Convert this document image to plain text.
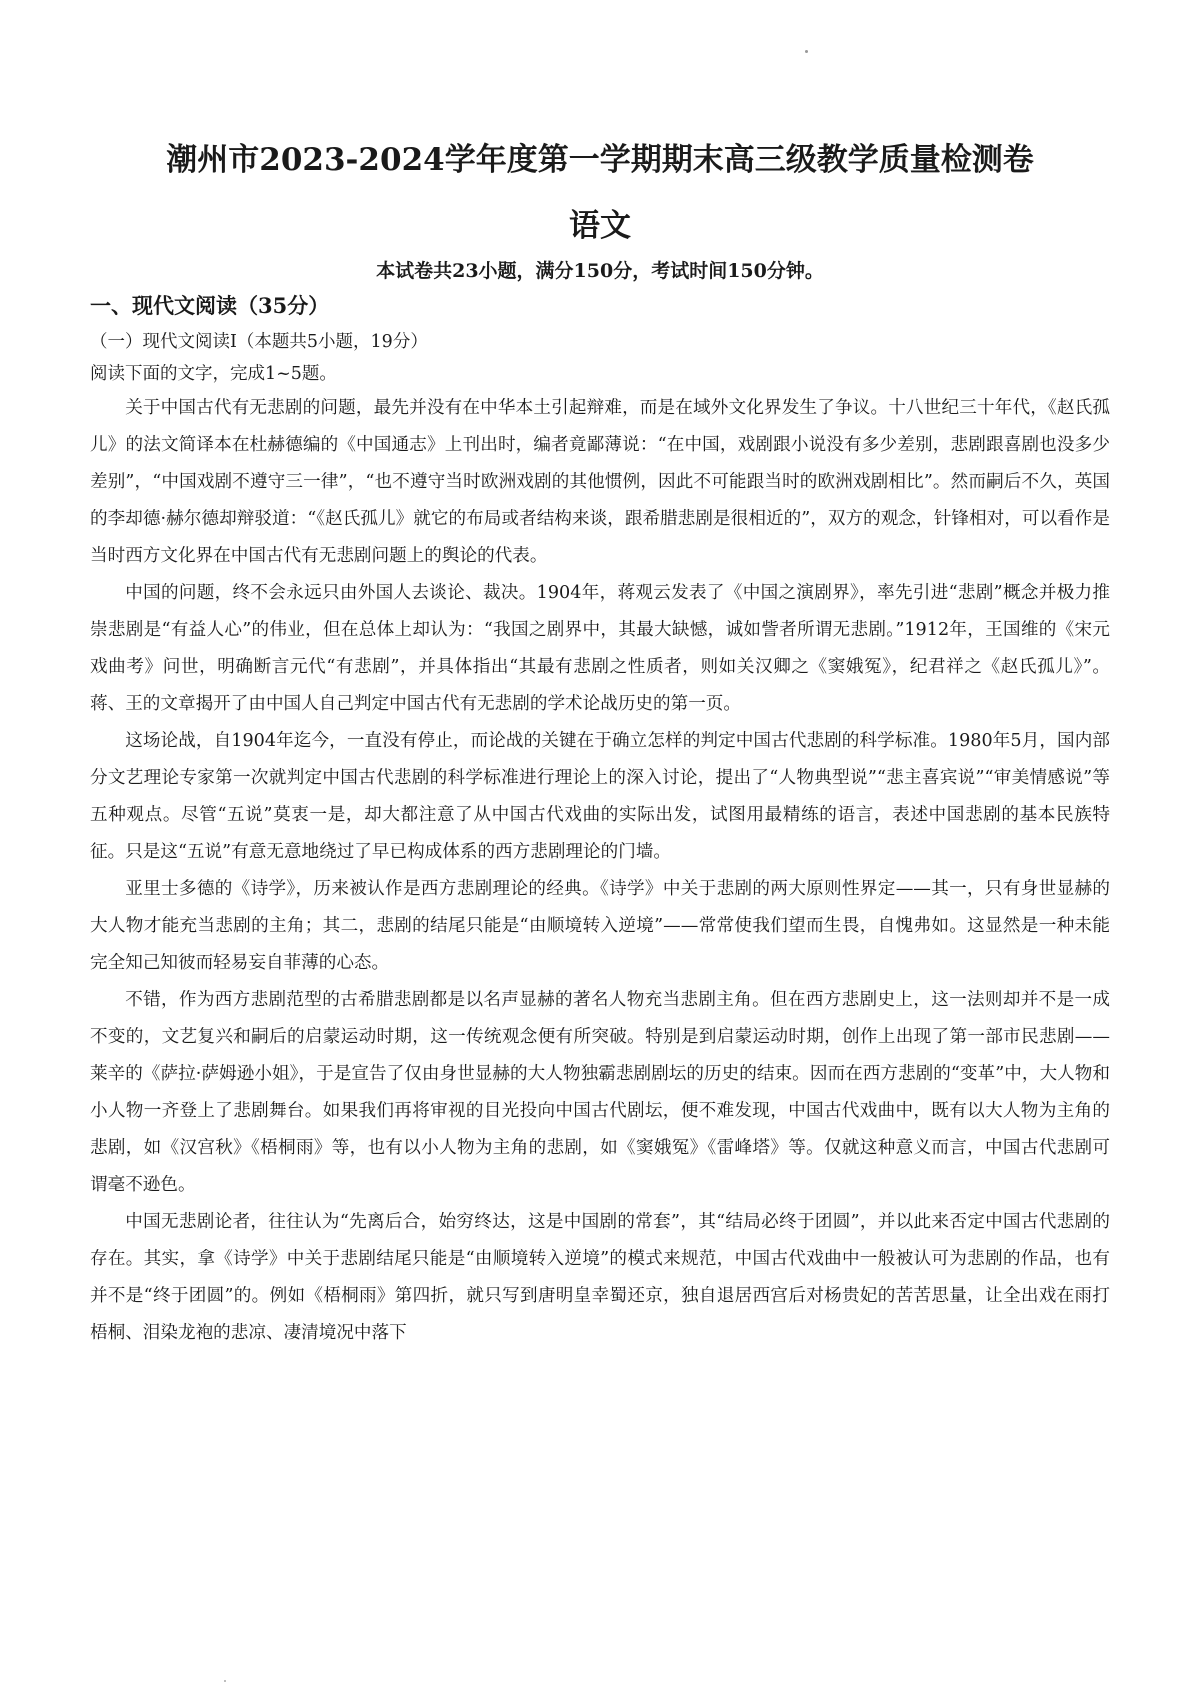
潮州市2023-2024学年度第一学期期末高三级教学质量检测卷
语文

本试卷共23小题，满分150分，考试时间150分钟。

一、现代文阅读（35分）

（一）现代文阅读Ⅰ（本题共5小题，19分）

阅读下面的文字，完成1~5题。

关于中国古代有无悲剧的问题，最先并没有在中华本土引起辩难，而是在域外文化界发生了争议。十八世纪三十年代，《赵氏孤儿》的法文简译本在杜赫德编的《中国通志》上刊出时，编者竟鄙薄说：“在中国，戏剧跟小说没有多少差别，悲剧跟喜剧也没多少差别”，“中国戏剧不遵守三一律”，“也不遵守当时欧洲戏剧的其他惯例，因此不可能跟当时的欧洲戏剧相比”。然而嗣后不久，英国的李却德·赫尔德却辩驳道：“《赵氏孤儿》就它的布局或者结构来谈，跟希腊悲剧是很相近的”，双方的观念，针锋相对，可以看作是当时西方文化界在中国古代有无悲剧问题上的舆论的代表。

中国的问题，终不会永远只由外国人去谈论、裁决。1904年，蒋观云发表了《中国之演剧界》，率先引进“悲剧”概念并极力推崇悲剧是“有益人心”的伟业，但在总体上却认为：“我国之剧界中，其最大缺憾，诚如訾者所谓无悲剧。”1912年，王国维的《宋元戏曲考》问世，明确断言元代“有悲剧”，并具体指出“其最有悲剧之性质者，则如关汉卿之《窦娥冤》，纪君祥之《赵氏孤儿》”。蒋、王的文章揭开了由中国人自己判定中国古代有无悲剧的学术论战历史的第一页。

这场论战，自1904年迄今，一直没有停止，而论战的关键在于确立怎样的判定中国古代悲剧的科学标准。1980年5月，国内部分文艺理论专家第一次就判定中国古代悲剧的科学标准进行理论上的深入讨论，提出了“人物典型说”“悲主喜宾说”“审美情感说”等五种观点。尽管“五说”莫衷一是，却大都注意了从中国古代戏曲的实际出发，试图用最精练的语言，表述中国悲剧的基本民族特征。只是这“五说”有意无意地绕过了早已构成体系的西方悲剧理论的门墙。

亚里士多德的《诗学》，历来被认作是西方悲剧理论的经典。《诗学》中关于悲剧的两大原则性界定——其一，只有身世显赫的大人物才能充当悲剧的主角；其二，悲剧的结尾只能是“由顺境转入逆境”——常常使我们望而生畏，自愧弗如。这显然是一种未能完全知己知彼而轻易妄自菲薄的心态。

不错，作为西方悲剧范型的古希腊悲剧都是以名声显赫的著名人物充当悲剧主角。但在西方悲剧史上，这一法则却并不是一成不变的，文艺复兴和嗣后的启蒙运动时期，这一传统观念便有所突破。特别是到启蒙运动时期，创作上出现了第一部市民悲剧——莱辛的《萨拉·萨姆逊小姐》，于是宣告了仅由身世显赫的大人物独霸悲剧剧坛的历史的结束。因而在西方悲剧的“变革”中，大人物和小人物一齐登上了悲剧舞台。如果我们再将审视的目光投向中国古代剧坛，便不难发现，中国古代戏曲中，既有以大人物为主角的悲剧，如《汉宫秋》《梧桐雨》等，也有以小人物为主角的悲剧，如《窦娥冤》《雷峰塔》等。仅就这种意义而言，中国古代悲剧可谓毫不逊色。

中国无悲剧论者，往往认为“先离后合，始穷终达，这是中国剧的常套”，其“结局必终于团圆”，并以此来否定中国古代悲剧的存在。其实，拿《诗学》中关于悲剧结尾只能是“由顺境转入逆境”的模式来规范，中国古代戏曲中一般被认可为悲剧的作品，也有并不是“终于团圆”的。例如《梧桐雨》第四折，就只写到唐明皇幸蜀还京，独自退居西宫后对杨贵妃的苦苦思量，让全出戏在雨打梧桐、泪染龙袍的悲凉、凄清境况中落下
